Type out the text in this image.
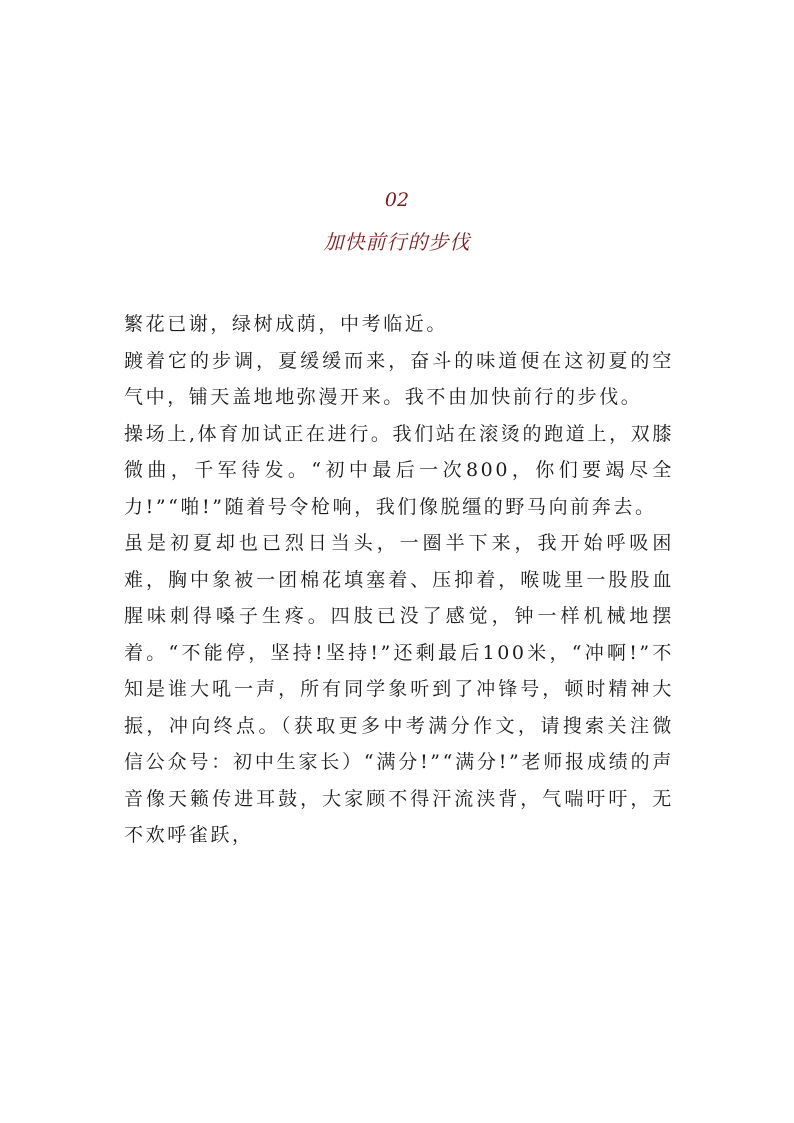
02
加快前行的步伐

繁花已谢，绿树成荫，中考临近。

踱着它的步调，夏缓缓而来，奋斗的味道便在这初夏的空气中，铺天盖地地弥漫开来。我不由加快前行的步伐。

操场上,体育加试正在进行。我们站在滚烫的跑道上，双膝微曲，千军待发。“初中最后一次800，你们要竭尽全力!”“啪!”随着号令枪响，我们像脱缰的野马向前奔去。

虽是初夏却也已烈日当头，一圈半下来，我开始呼吸困难，胸中象被一团棉花填塞着、压抑着，喉咙里一股股血腥味刺得嗓子生疼。四肢已没了感觉，钟一样机械地摆着。“不能停，坚持!坚持!”还剩最后100米，“冲啊!”不知是谁大吼一声，所有同学象听到了冲锋号，顿时精神大振，冲向终点。（获取更多中考满分作文，请搜索关注微信公众号：初中生家长）“满分!”“满分!”老师报成绩的声音像天籁传进耳鼓，大家顾不得汗流浃背，气喘吁吁，无不欢呼雀跃，
